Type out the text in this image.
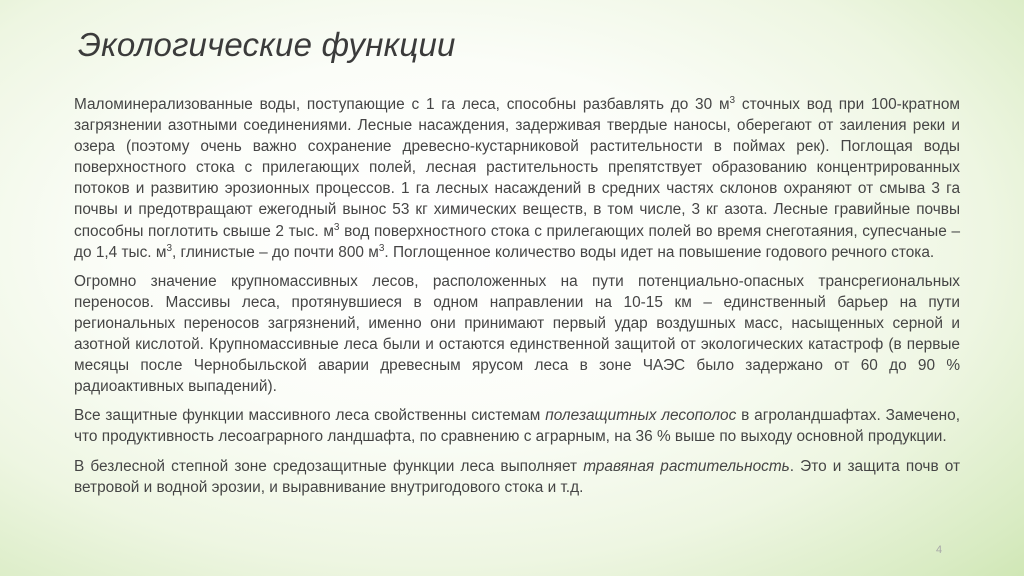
Экологические функции

Маломинерализованные воды, поступающие с 1 га леса, способны разбавлять до 30 $м^3$ сточных вод при 100-кратном загрязнении азотными соединениями. Лесные насаждения, задерживая твердые наносы, оберегают от заиления реки и озера (поэтому очень важно сохранение древесно-кустарниковой растительности в поймах рек). Поглощая воды поверхностного стока с прилегающих полей, лесная растительность препятствует образованию концентрированных потоков и развитию эрозионных процессов. 1 га лесных насаждений в средних частях склонов охраняют от смыва 3 га почвы и предотвращают ежегодный вынос 53 кг химических веществ, в том числе, 3 кг азота. Лесные гравийные почвы способны поглотить свыше 2 тыс. $м^3$ вод поверхностного стока с прилегающих полей во время снеготаяния, супесчаные – до 1,4 тыс. $м^3$, глинистые – до почти 800 $м^3$. Поглощенное количество воды идет на повышение годового речного стока.

Огромно значение крупномассивных лесов, расположенных на пути потенциально-опасных трансрегиональных переносов. Массивы леса, протянувшиеся в одном направлении на 10-15 км – единственный барьер на пути региональных переносов загрязнений, именно они принимают первый удар воздушных масс, насыщенных серной и азотной кислотой. Крупномассивные леса были и остаются единственной защитой от экологических катастроф (в первые месяцы после Чернобыльской аварии древесным ярусом леса в зоне ЧАЭС было задержано от 60 до 90 % радиоактивных выпадений).

Все защитные функции массивного леса свойственны системам полезащитных лесополос в агроландшафтах. Замечено, что продуктивность лесоаграрного ландшафта, по сравнению с аграрным, на 36 % выше по выходу основной продукции.

В безлесной степной зоне средозащитные функции леса выполняет травяная растительность. Это и защита почв от ветровой и водной эрозии, и выравнивание внутригодового стока и т.д.

4
